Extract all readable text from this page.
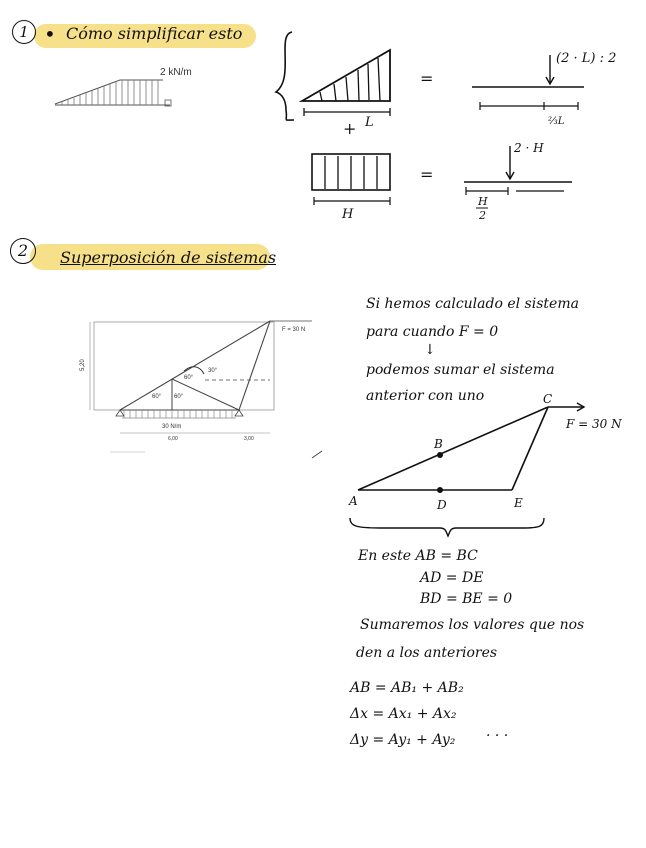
1 • Cómo simplificar esto
2 kN/m
L
+
=
(2 · L) : 2
⅔L
H
=
2 · H
H
2
5,20
F = 30 N
60° 60°
60°
30°
30 N/m
6,00	3,00
A
B
C
D	E
F = 30 N
2	Superposición de sistemas
Si hemos calculado el sistema
para cuando F = 0
↓
podemos sumar el sistema
anterior con uno
En este AB = BC
AD = DE
BD = BE = 0
Sumaremos los valores que nos
den a los anteriores
AB = AB₁ + AB₂
Δx = Ax₁ + Ax₂
Δy = Ay₁ + Ay₂ · · ·
